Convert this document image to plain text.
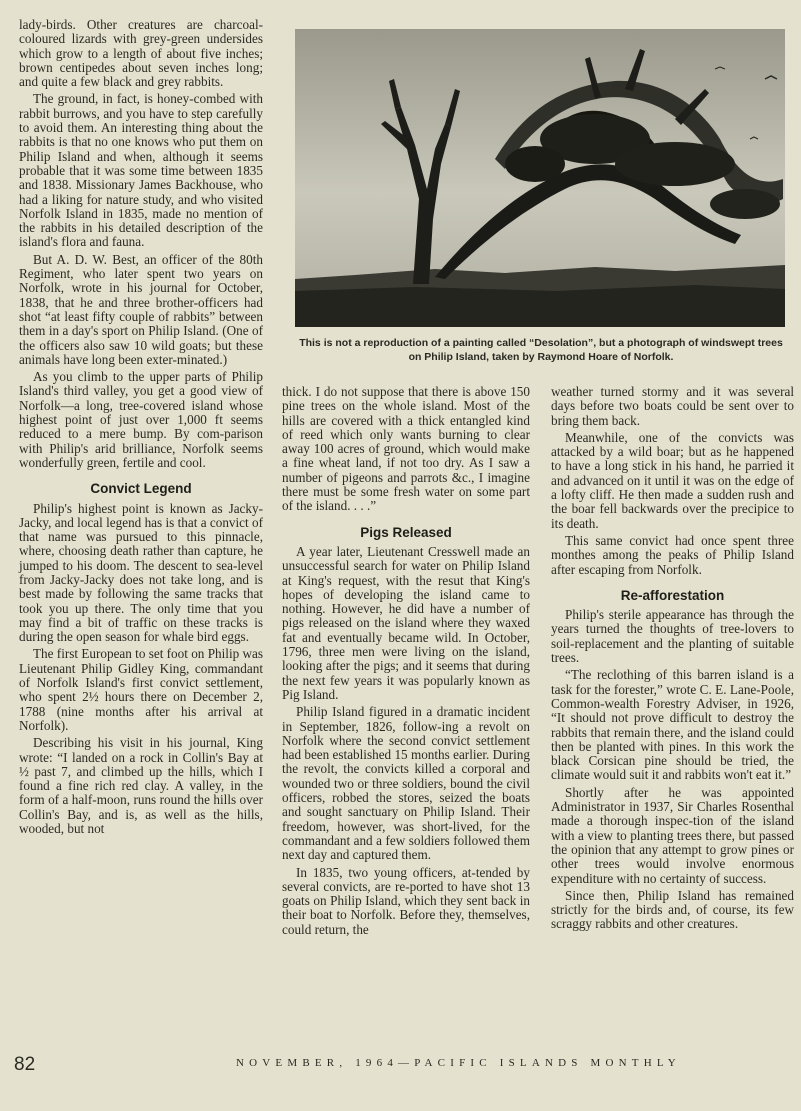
lady-birds. Other creatures are charcoal-coloured lizards with grey-green undersides which grow to a length of about five inches; brown centipedes about seven inches long; and quite a few black and grey rabbits.

The ground, in fact, is honey-combed with rabbit burrows, and you have to step carefully to avoid them. An interesting thing about the rabbits is that no one knows who put them on Philip Island and when, although it seems probable that it was some time between 1835 and 1838. Missionary James Backhouse, who had a liking for nature study, and who visited Norfolk Island in 1835, made no mention of the rabbits in his detailed description of the island's flora and fauna.

But A. D. W. Best, an officer of the 80th Regiment, who later spent two years on Norfolk, wrote in his journal for October, 1838, that he and three brother-officers had shot “at least fifty couple of rabbits” between them in a day's sport on Philip Island. (One of the officers also saw 10 wild goats; but these animals have long been exter-minated.)

As you climb to the upper parts of Philip Island's third valley, you get a good view of Norfolk—a long, tree-covered island whose highest point of just over 1,000 ft seems reduced to a mere bump. By com-parison with Philip's arid brilliance, Norfolk seems wonderfully green, fertile and cool.

Convict Legend

Philip's highest point is known as Jacky-Jacky, and local legend has is that a convict of that name was pursued to this pinnacle, where, choosing death rather than capture, he jumped to his doom. The descent to sea-level from Jacky-Jacky does not take long, and is best made by following the same tracks that took you up there. The only time that you may find a bit of traffic on these tracks is during the open season for whale bird eggs.

The first European to set foot on Philip was Lieutenant Philip Gidley King, commandant of Norfolk Island's first convict settlement, who spent 2½ hours there on December 2, 1788 (nine months after his arrival at Norfolk).

Describing his visit in his journal, King wrote: “I landed on a rock in Collin's Bay at ½ past 7, and climbed up the hills, which I found a fine rich red clay. A valley, in the form of a half-moon, runs round the hills over Collin's Bay, and is, as well as the hills, wooded, but not

This is not a reproduction of a painting called “Desolation”, but a photograph of windswept trees on Philip Island, taken by Raymond Hoare of Norfolk.

thick. I do not suppose that there is above 150 pine trees on the whole island. Most of the hills are covered with a thick entangled kind of reed which only wants burning to clear away 100 acres of ground, which would make a fine wheat land, if not too dry. As I saw a number of pigeons and parrots &c., I imagine there must be some fresh water on some part of the island. . . .”

Pigs Released

A year later, Lieutenant Cresswell made an unsuccessful search for water on Philip Island at King's request, with the resut that King's hopes of developing the island came to nothing. However, he did have a number of pigs released on the island where they waxed fat and eventually became wild. In October, 1796, three men were living on the island, looking after the pigs; and it seems that during the next few years it was popularly known as Pig Island.

Philip Island figured in a dramatic incident in September, 1826, follow-ing a revolt on Norfolk where the second convict settlement had been established 15 months earlier. During the revolt, the convicts killed a corporal and wounded two or three soldiers, bound the civil officers, robbed the stores, seized the boats and sought sanctuary on Philip Island. Their freedom, however, was short-lived, for the commandant and a few soldiers followed them next day and captured them.

In 1835, two young officers, at-tended by several convicts, are re-ported to have shot 13 goats on Philip Island, which they sent back in their boat to Norfolk. Before they, themselves, could return, the

weather turned stormy and it was several days before two boats could be sent over to bring them back.

Meanwhile, one of the convicts was attacked by a wild boar; but as he happened to have a long stick in his hand, he parried it and advanced on it until it was on the edge of a lofty cliff. He then made a sudden rush and the boar fell backwards over the precipice to its death.

This same convict had once spent three monthes among the peaks of Philip Island after escaping from Norfolk.

Re-afforestation

Philip's sterile appearance has through the years turned the thoughts of tree-lovers to soil-replacement and the planting of suitable trees.

“The reclothing of this barren island is a task for the forester,” wrote C. E. Lane-Poole, Common-wealth Forestry Adviser, in 1926, “It should not prove difficult to destroy the rabbits that remain there, and the island could then be planted with pines. In this work the black Corsican pine should be tried, the climate would suit it and rabbits won't eat it.”

Shortly after he was appointed Administrator in 1937, Sir Charles Rosenthal made a thorough inspec-tion of the island with a view to planting trees there, but passed the opinion that any attempt to grow pines or other trees would involve enormous expenditure with no certainty of success.

Since then, Philip Island has remained strictly for the birds and, of course, its few scraggy rabbits and other creatures.

82	NOVEMBER, 1964—PACIFIC ISLANDS MONTHLY
